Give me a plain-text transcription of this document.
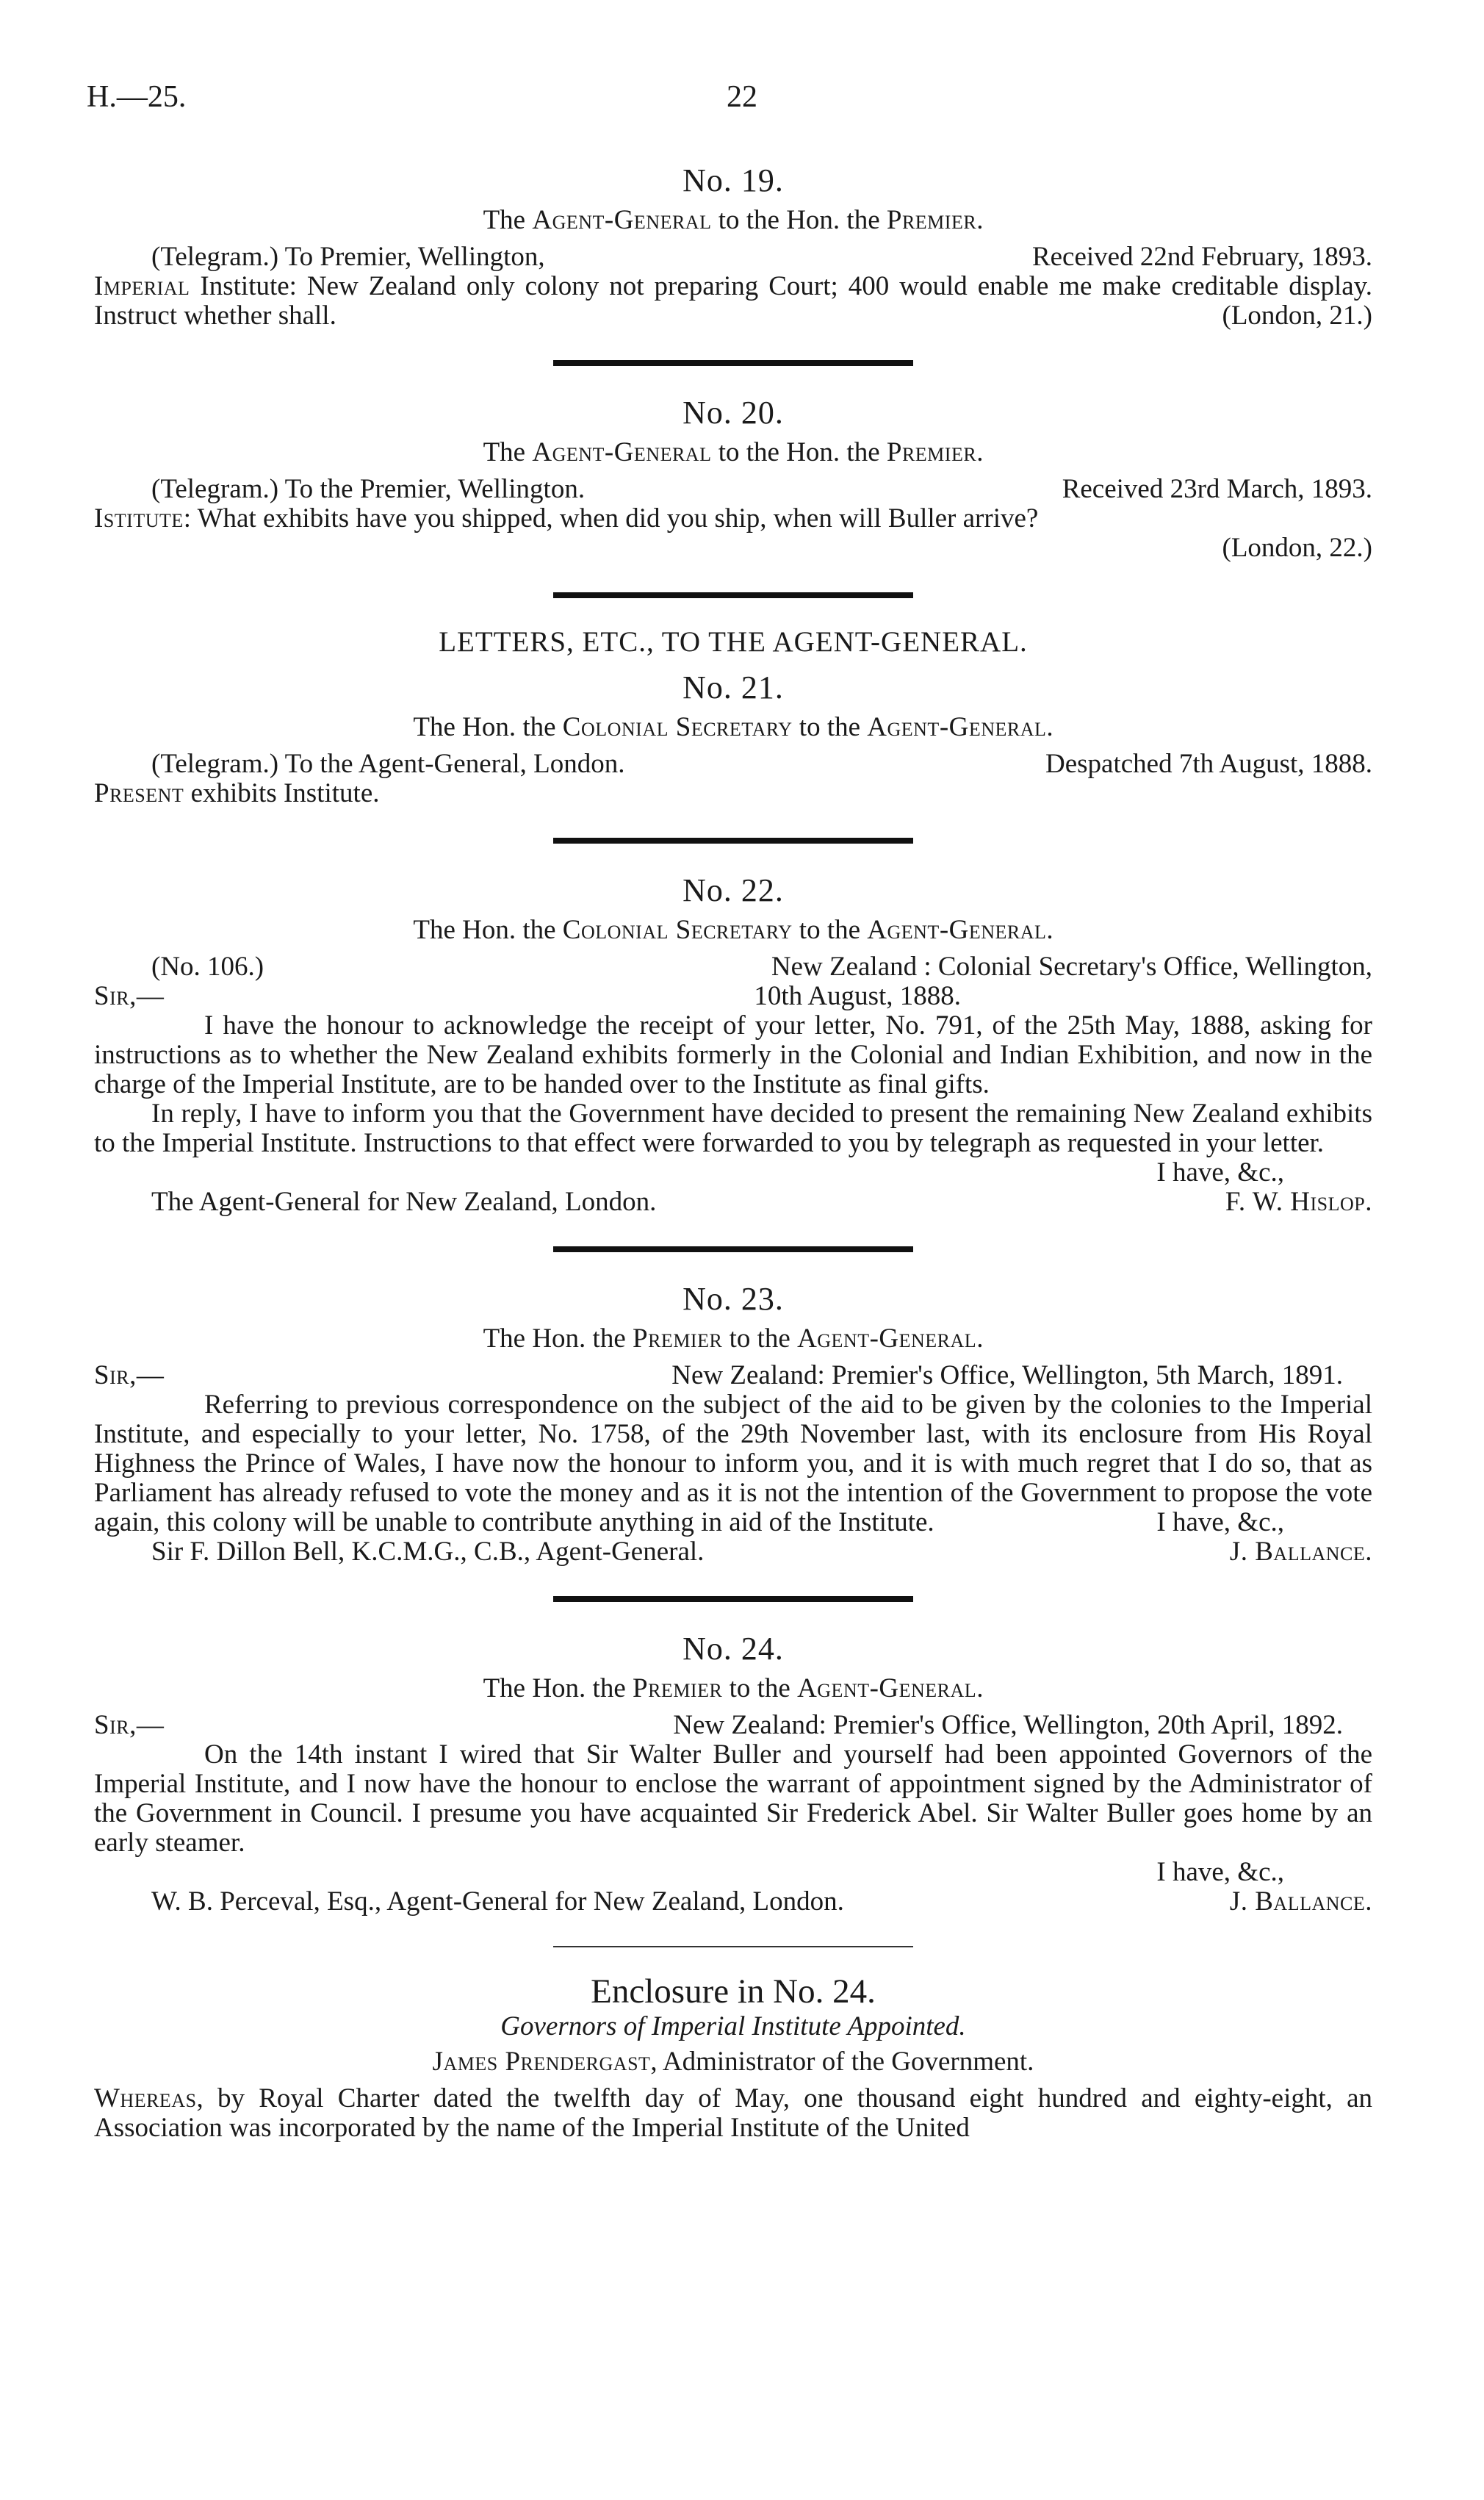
H.—25.	22
No. 19.
The Agent-General to the Hon. the Premier.
(Telegram.) To Premier, Wellington,	Received 22nd February, 1893.
Imperial Institute: New Zealand only colony not preparing Court; 400 would enable me make creditable display. Instruct whether shall.	(London, 21.)
No. 20.
The Agent-General to the Hon. the Premier.
(Telegram.) To the Premier, Wellington.	Received 23rd March, 1893.
Istitute: What exhibits have you shipped, when did you ship, when will Buller arrive?
(London, 22.)
LETTERS, ETC., TO THE AGENT-GENERAL.
No. 21.
The Hon. the Colonial Secretary to the Agent-General.
(Telegram.) To the Agent-General, London.	Despatched 7th August, 1888.
Present exhibits Institute.
No. 22.
The Hon. the Colonial Secretary to the Agent-General.
(No. 106.)	New Zealand : Colonial Secretary's Office, Wellington,
Sir,—	10th August, 1888.
I have the honour to acknowledge the receipt of your letter, No. 791, of the 25th May, 1888, asking for instructions as to whether the New Zealand exhibits formerly in the Colonial and Indian Exhibition, and now in the charge of the Imperial Institute, are to be handed over to the Institute as final gifts.
In reply, I have to inform you that the Government have decided to present the remaining New Zealand exhibits to the Imperial Institute. Instructions to that effect were forwarded to you by telegraph as requested in your letter.
I have, &c.,
The Agent-General for New Zealand, London.	F. W. Hislop.
No. 23.
The Hon. the Premier to the Agent-General.
Sir,—	New Zealand: Premier's Office, Wellington, 5th March, 1891.
Referring to previous correspondence on the subject of the aid to be given by the colonies to the Imperial Institute, and especially to your letter, No. 1758, of the 29th November last, with its enclosure from His Royal Highness the Prince of Wales, I have now the honour to inform you, and it is with much regret that I do so, that as Parliament has already refused to vote the money and as it is not the intention of the Government to propose the vote again, this colony will be unable to contribute anything in aid of the Institute.	I have, &c.,
Sir F. Dillon Bell, K.C.M.G., C.B., Agent-General.	J. Ballance.
No. 24.
The Hon. the Premier to the Agent-General.
Sir,—	New Zealand: Premier's Office, Wellington, 20th April, 1892.
On the 14th instant I wired that Sir Walter Buller and yourself had been appointed Governors of the Imperial Institute, and I now have the honour to enclose the warrant of appointment signed by the Administrator of the Government in Council. I presume you have acquainted Sir Frederick Abel. Sir Walter Buller goes home by an early steamer.
I have, &c.,
W. B. Perceval, Esq., Agent-General for New Zealand, London.	J. Ballance.
Enclosure in No. 24.
Governors of Imperial Institute Appointed.
James Prendergast, Administrator of the Government.
Whereas, by Royal Charter dated the twelfth day of May, one thousand eight hundred and eighty-eight, an Association was incorporated by the name of the Imperial Institute of the United
